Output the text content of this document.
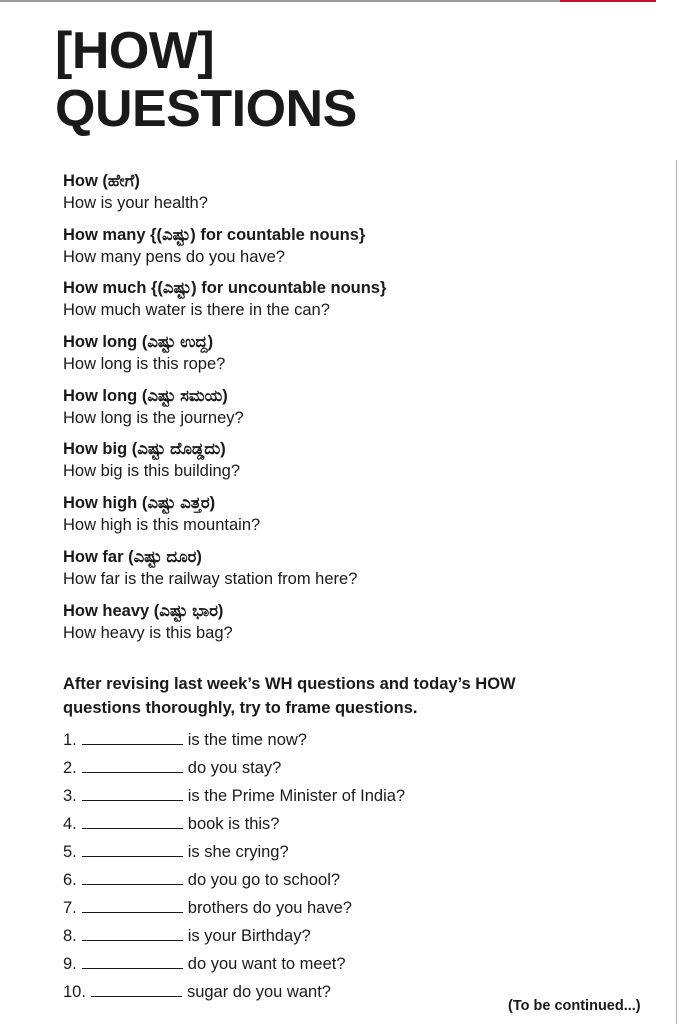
[HOW]
QUESTIONS
How (ಹೇಗೆ)
How is your health?
How many {(ಎಷ್ಟು) for countable nouns}
How many pens do you have?
How much {(ಎಷ್ಟು) for uncountable nouns}
How much water is there in the can?
How long (ಎಷ್ಟು ಉದ್ದ)
How long is this rope?
How long (ಎಷ್ಟು ಸಮಯ)
How long is the journey?
How big (ಎಷ್ಟು ದೊಡ್ಡದು)
How big is this building?
How high (ಎಷ್ಟು ಎತ್ತರ)
How high is this mountain?
How far (ಎಷ್ಟು ದೂರ)
How far is the railway station from here?
How heavy (ಎಷ್ಟು ಭಾರ)
How heavy is this bag?

After revising last week’s WH questions and today’s HOW
questions thoroughly, try to frame questions.

1.	is the time now?
2.	do you stay?
3.	is the Prime Minister of India?
4.	book is this?
5.	is she crying?
6.	do you go to school?
7.	brothers do you have?
8.	is your Birthday?
9.	do you want to meet?
10.	sugar do you want?
(To be continued...)
